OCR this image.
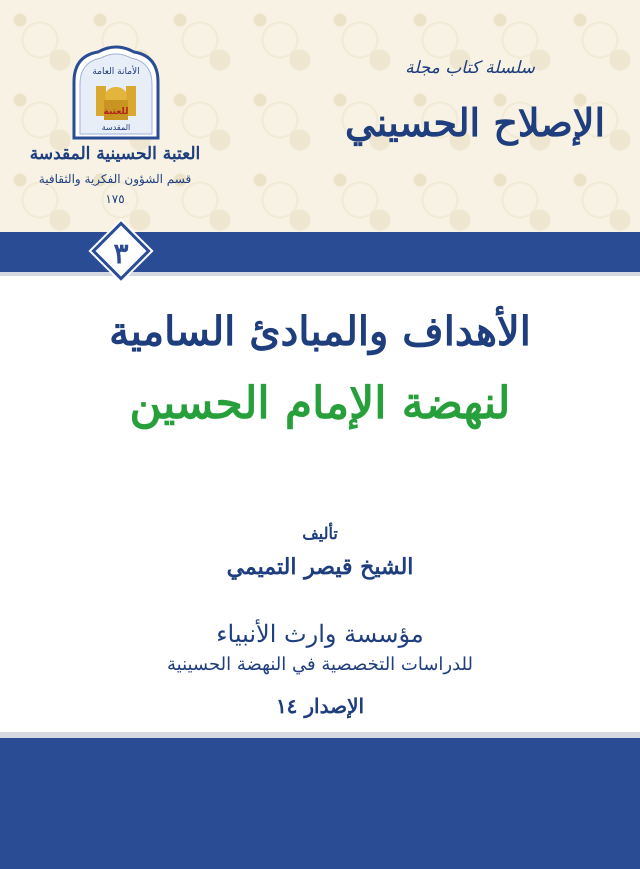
الأمانة العامة
للعتبة
المقدسة

العتبة الحسينية المقدسة

قسم الشؤون الفكرية والثقافية

١٧٥

سلسلة كتاب مجلة

الإصلاح الحسيني

٣

الأهداف والمبادئ السامية
لنهضة الإمام الحسين

تأليف

الشيخ قيصر التميمي

مؤسسة وارث الأنبياء

للدراسات التخصصية في النهضة الحسينية

الإصدار ١٤
